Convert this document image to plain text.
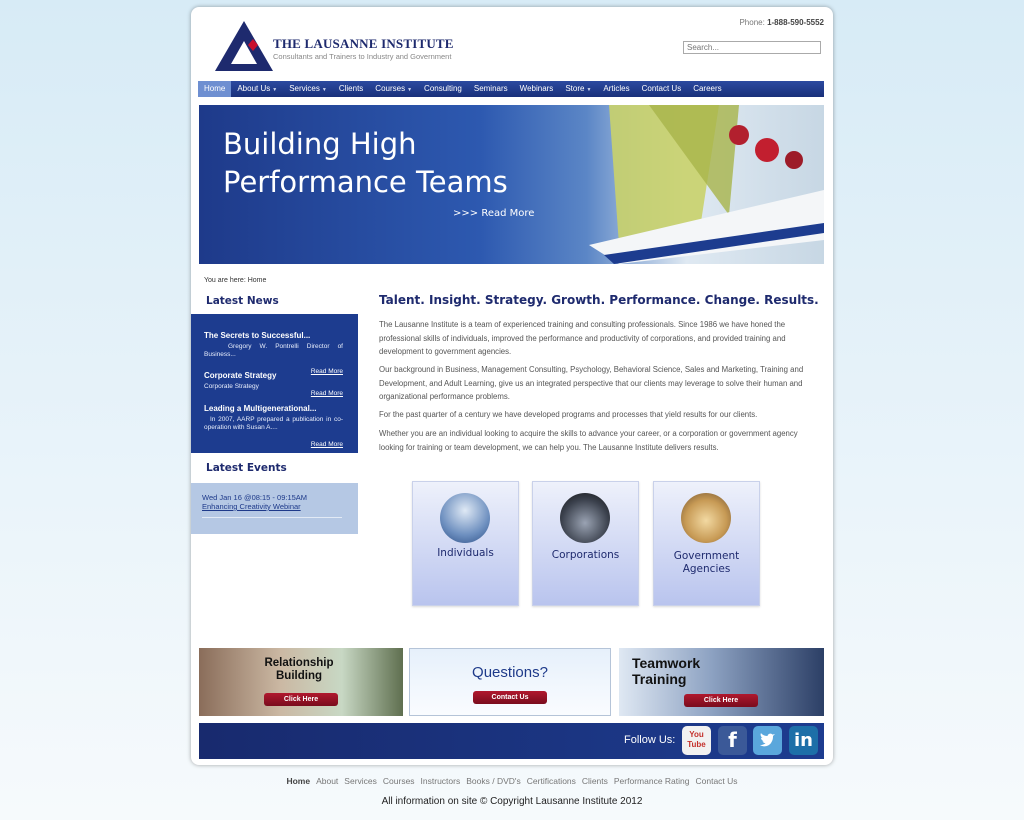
THE LAUSANNE INSTITUTE
Consultants and Trainers to Industry and Government
Phone: 1-888-590-5552
Search...
Home	About Us ▼	Services ▼	Clients	Courses ▼	Consulting	Seminars	Webinars	Store ▼	Articles	Contact Us	Careers
Building High
Performance Teams
>>> Read More
You are here: Home
Latest News
The Secrets to Successful...
Gregory W. Pontrelli Director of Business...
Read More
Corporate Strategy
Corporate Strategy
Read More
Leading a Multigenerational...
In 2007, AARP prepared a publication in co-operation with Susan A....
Read More
Latest Events
Wed Jan 16 @08:15 - 09:15AM
Enhancing Creativity Webinar
Talent. Insight. Strategy. Growth. Performance. Change. Results.
The Lausanne Institute is a team of experienced training and consulting professionals. Since 1986 we have honed the professional skills of individuals, improved the performance and productivity of corporations, and provided training and development to government agencies.
Our background in Business, Management Consulting, Psychology, Behavioral Science, Sales and Marketing, Training and Development, and Adult Learning, give us an integrated perspective that our clients may leverage to solve their human and organizational performance problems.
For the past quarter of a century we have developed programs and processes that yield results for our clients.
Whether you are an individual looking to acquire the skills to advance your career, or a corporation or government agency looking for training or team development, we can help you. The Lausanne Institute delivers results.
Individuals	Corporations	Government Agencies
Relationship Building
Click Here
Questions?
Contact Us
Teamwork Training
Click Here
Follow Us:	You Tube	f	in
Home About Services Courses Instructors Books / DVD's Certifications Clients Performance Rating Contact Us
All information on site © Copyright Lausanne Institute 2012
